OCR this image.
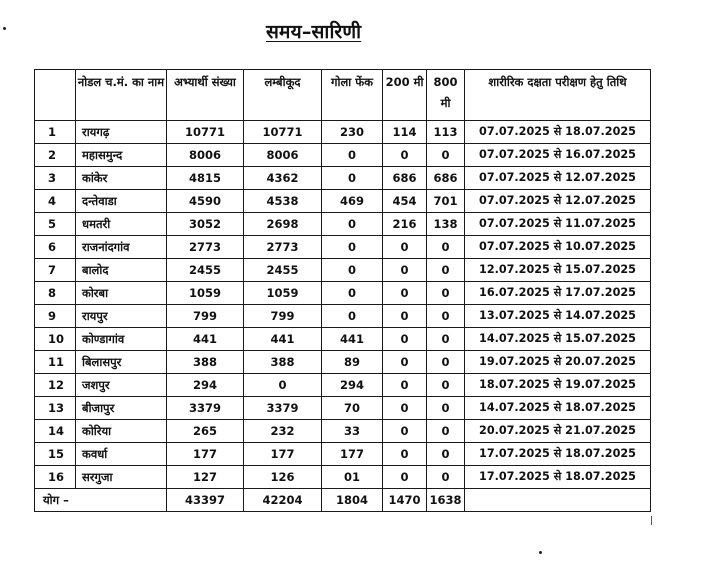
समय–सारिणी
	नोडल च.मं. का नाम	अभ्यार्थी संख्या	लम्बीकूद	गोला फेंक	200 मी	800 मी	शारीरिक दक्षता परीक्षण हेतु तिथि
1	रायगढ़	10771	10771	230	114	113	07.07.2025 से 18.07.2025
2	महासमुन्द	8006	8006	0	0	0	07.07.2025 से 16.07.2025
3	कांकेर	4815	4362	0	686	686	07.07.2025 से 12.07.2025
4	दन्तेवाडा	4590	4538	469	454	701	07.07.2025 से 12.07.2025
5	धमतरी	3052	2698	0	216	138	07.07.2025 से 11.07.2025
6	राजनांदगांव	2773	2773	0	0	0	07.07.2025 से 10.07.2025
7	बालोद	2455	2455	0	0	0	12.07.2025 से 15.07.2025
8	कोरबा	1059	1059	0	0	0	16.07.2025 से 17.07.2025
9	रायपुर	799	799	0	0	0	13.07.2025 से 14.07.2025
10	कोण्डागांव	441	441	441	0	0	14.07.2025 से 15.07.2025
11	बिलासपुर	388	388	89	0	0	19.07.2025 से 20.07.2025
12	जशपुर	294	0	294	0	0	18.07.2025 से 19.07.2025
13	बीजापुर	3379	3379	70	0	0	14.07.2025 से 18.07.2025
14	कोरिया	265	232	33	0	0	20.07.2025 से 21.07.2025
15	कवर्धा	177	177	177	0	0	17.07.2025 से 18.07.2025
16	सरगुजा	127	126	01	0	0	17.07.2025 से 18.07.2025
योग –		43397	42204	1804	1470	1638	
